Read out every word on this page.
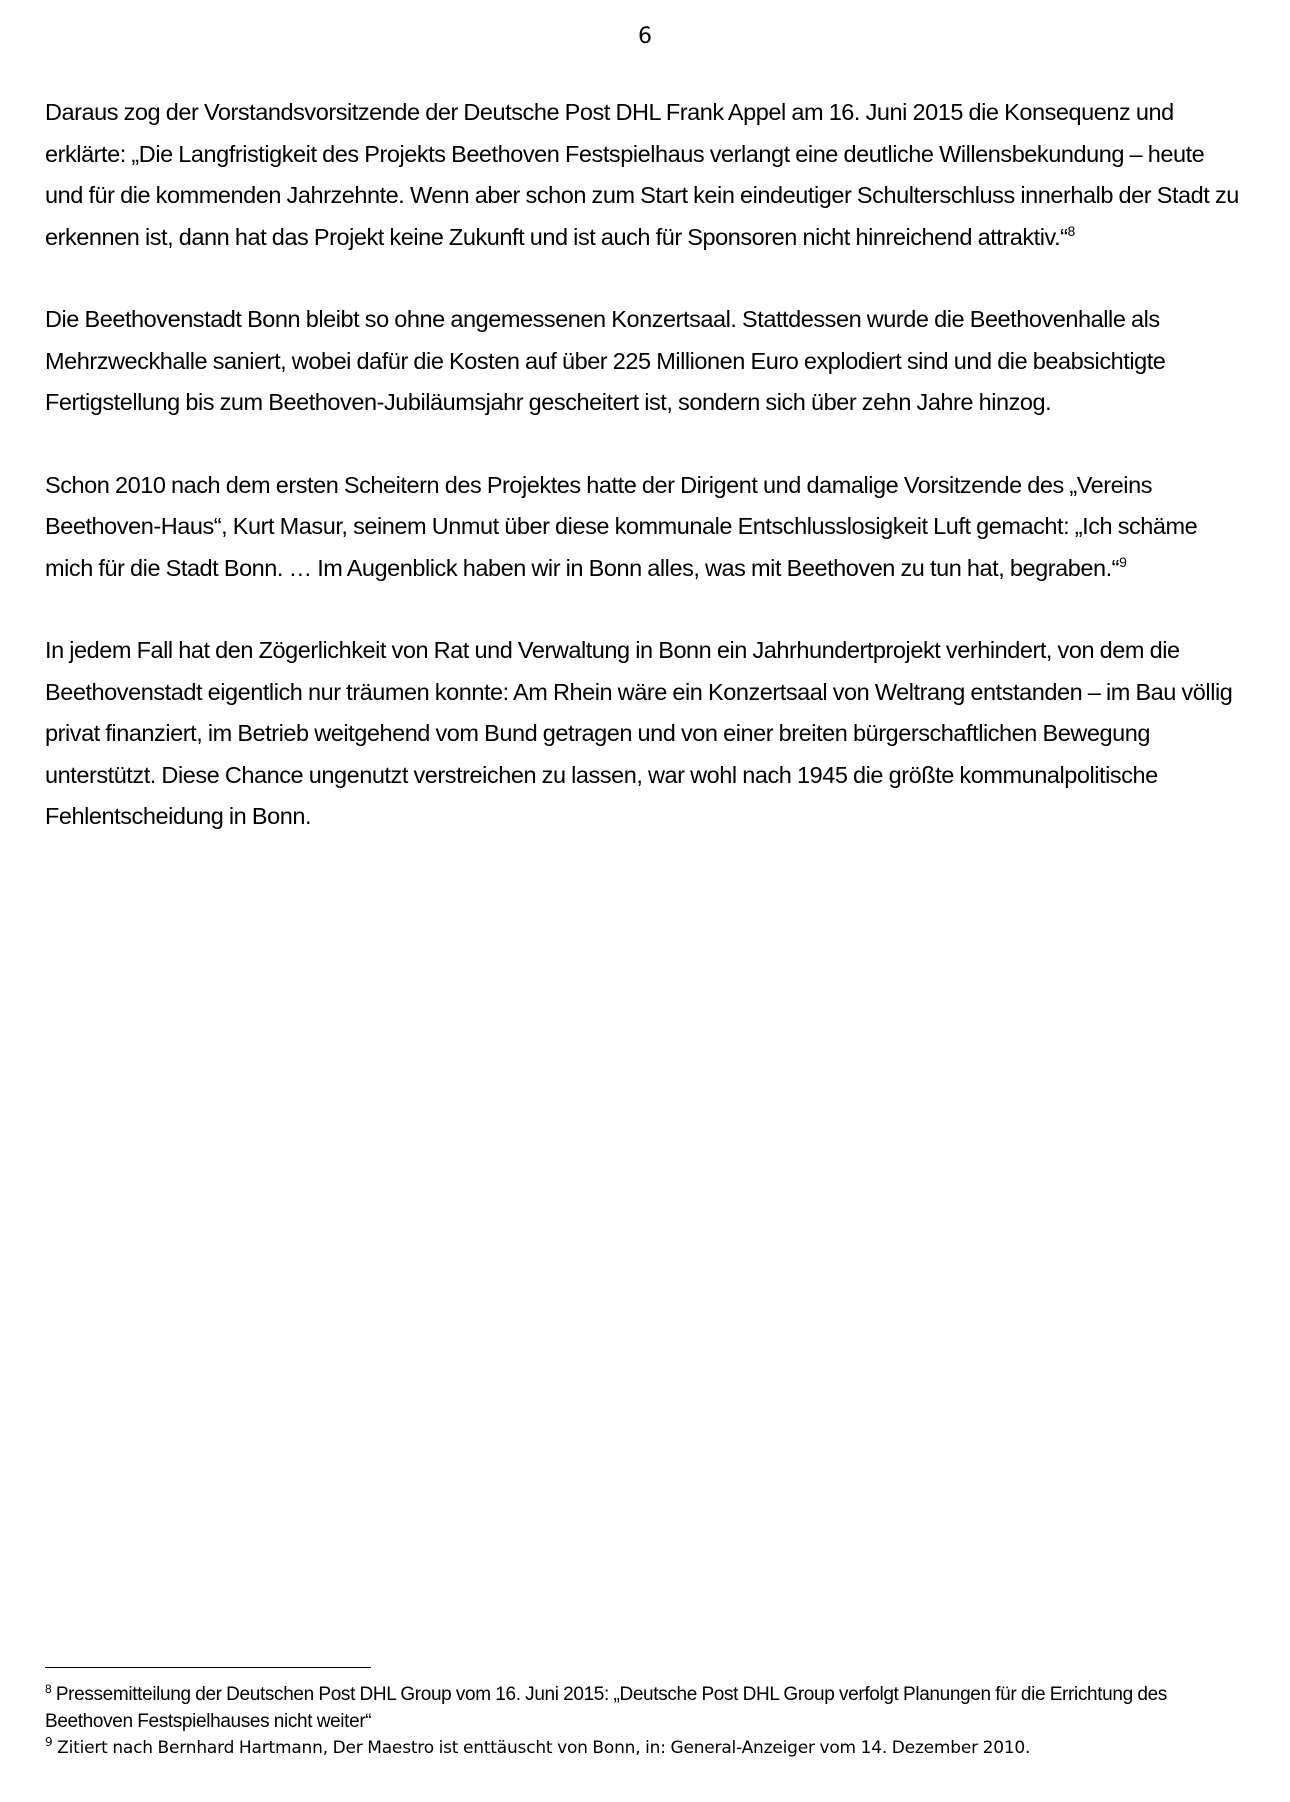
6

Daraus zog der Vorstandsvorsitzende der Deutsche Post DHL Frank Appel am 16. Juni 2015 die Konsequenz und erklärte: „Die Langfristigkeit des Projekts Beethoven Festspielhaus verlangt eine deutliche Willensbekundung – heute und für die kommenden Jahrzehnte. Wenn aber schon zum Start kein eindeutiger Schulterschluss innerhalb der Stadt zu erkennen ist, dann hat das Projekt keine Zukunft und ist auch für Sponsoren nicht hinreichend attraktiv.“$^8$

Die Beethovenstadt Bonn bleibt so ohne angemessenen Konzertsaal. Stattdessen wurde die Beethovenhalle als Mehrzweckhalle saniert, wobei dafür die Kosten auf über 225 Millionen Euro explodiert sind und die beabsichtigte Fertigstellung bis zum Beethoven-Jubiläumsjahr gescheitert ist, sondern sich über zehn Jahre hinzog.

Schon 2010 nach dem ersten Scheitern des Projektes hatte der Dirigent und damalige Vorsitzende des „Vereins Beethoven-Haus“, Kurt Masur, seinem Unmut über diese kommunale Entschlusslosigkeit Luft gemacht: „Ich schäme mich für die Stadt Bonn. … Im Augenblick haben wir in Bonn alles, was mit Beethoven zu tun hat, begraben.“$^9$

In jedem Fall hat den Zögerlichkeit von Rat und Verwaltung in Bonn ein Jahrhundertprojekt verhindert, von dem die Beethovenstadt eigentlich nur träumen konnte: Am Rhein wäre ein Konzertsaal von Weltrang entstanden – im Bau völlig privat finanziert, im Betrieb weitgehend vom Bund getragen und von einer breiten bürgerschaftlichen Bewegung unterstützt. Diese Chance ungenutzt verstreichen zu lassen, war wohl nach 1945 die größte kommunalpolitische Fehlentscheidung in Bonn.

$^8$ Pressemitteilung der Deutschen Post DHL Group vom 16. Juni 2015: „Deutsche Post DHL Group verfolgt Planungen für die Errichtung des Beethoven Festspielhauses nicht weiter“

$^9$ Zitiert nach Bernhard Hartmann, Der Maestro ist enttäuscht von Bonn, in: General-Anzeiger vom 14. Dezember 2010.
